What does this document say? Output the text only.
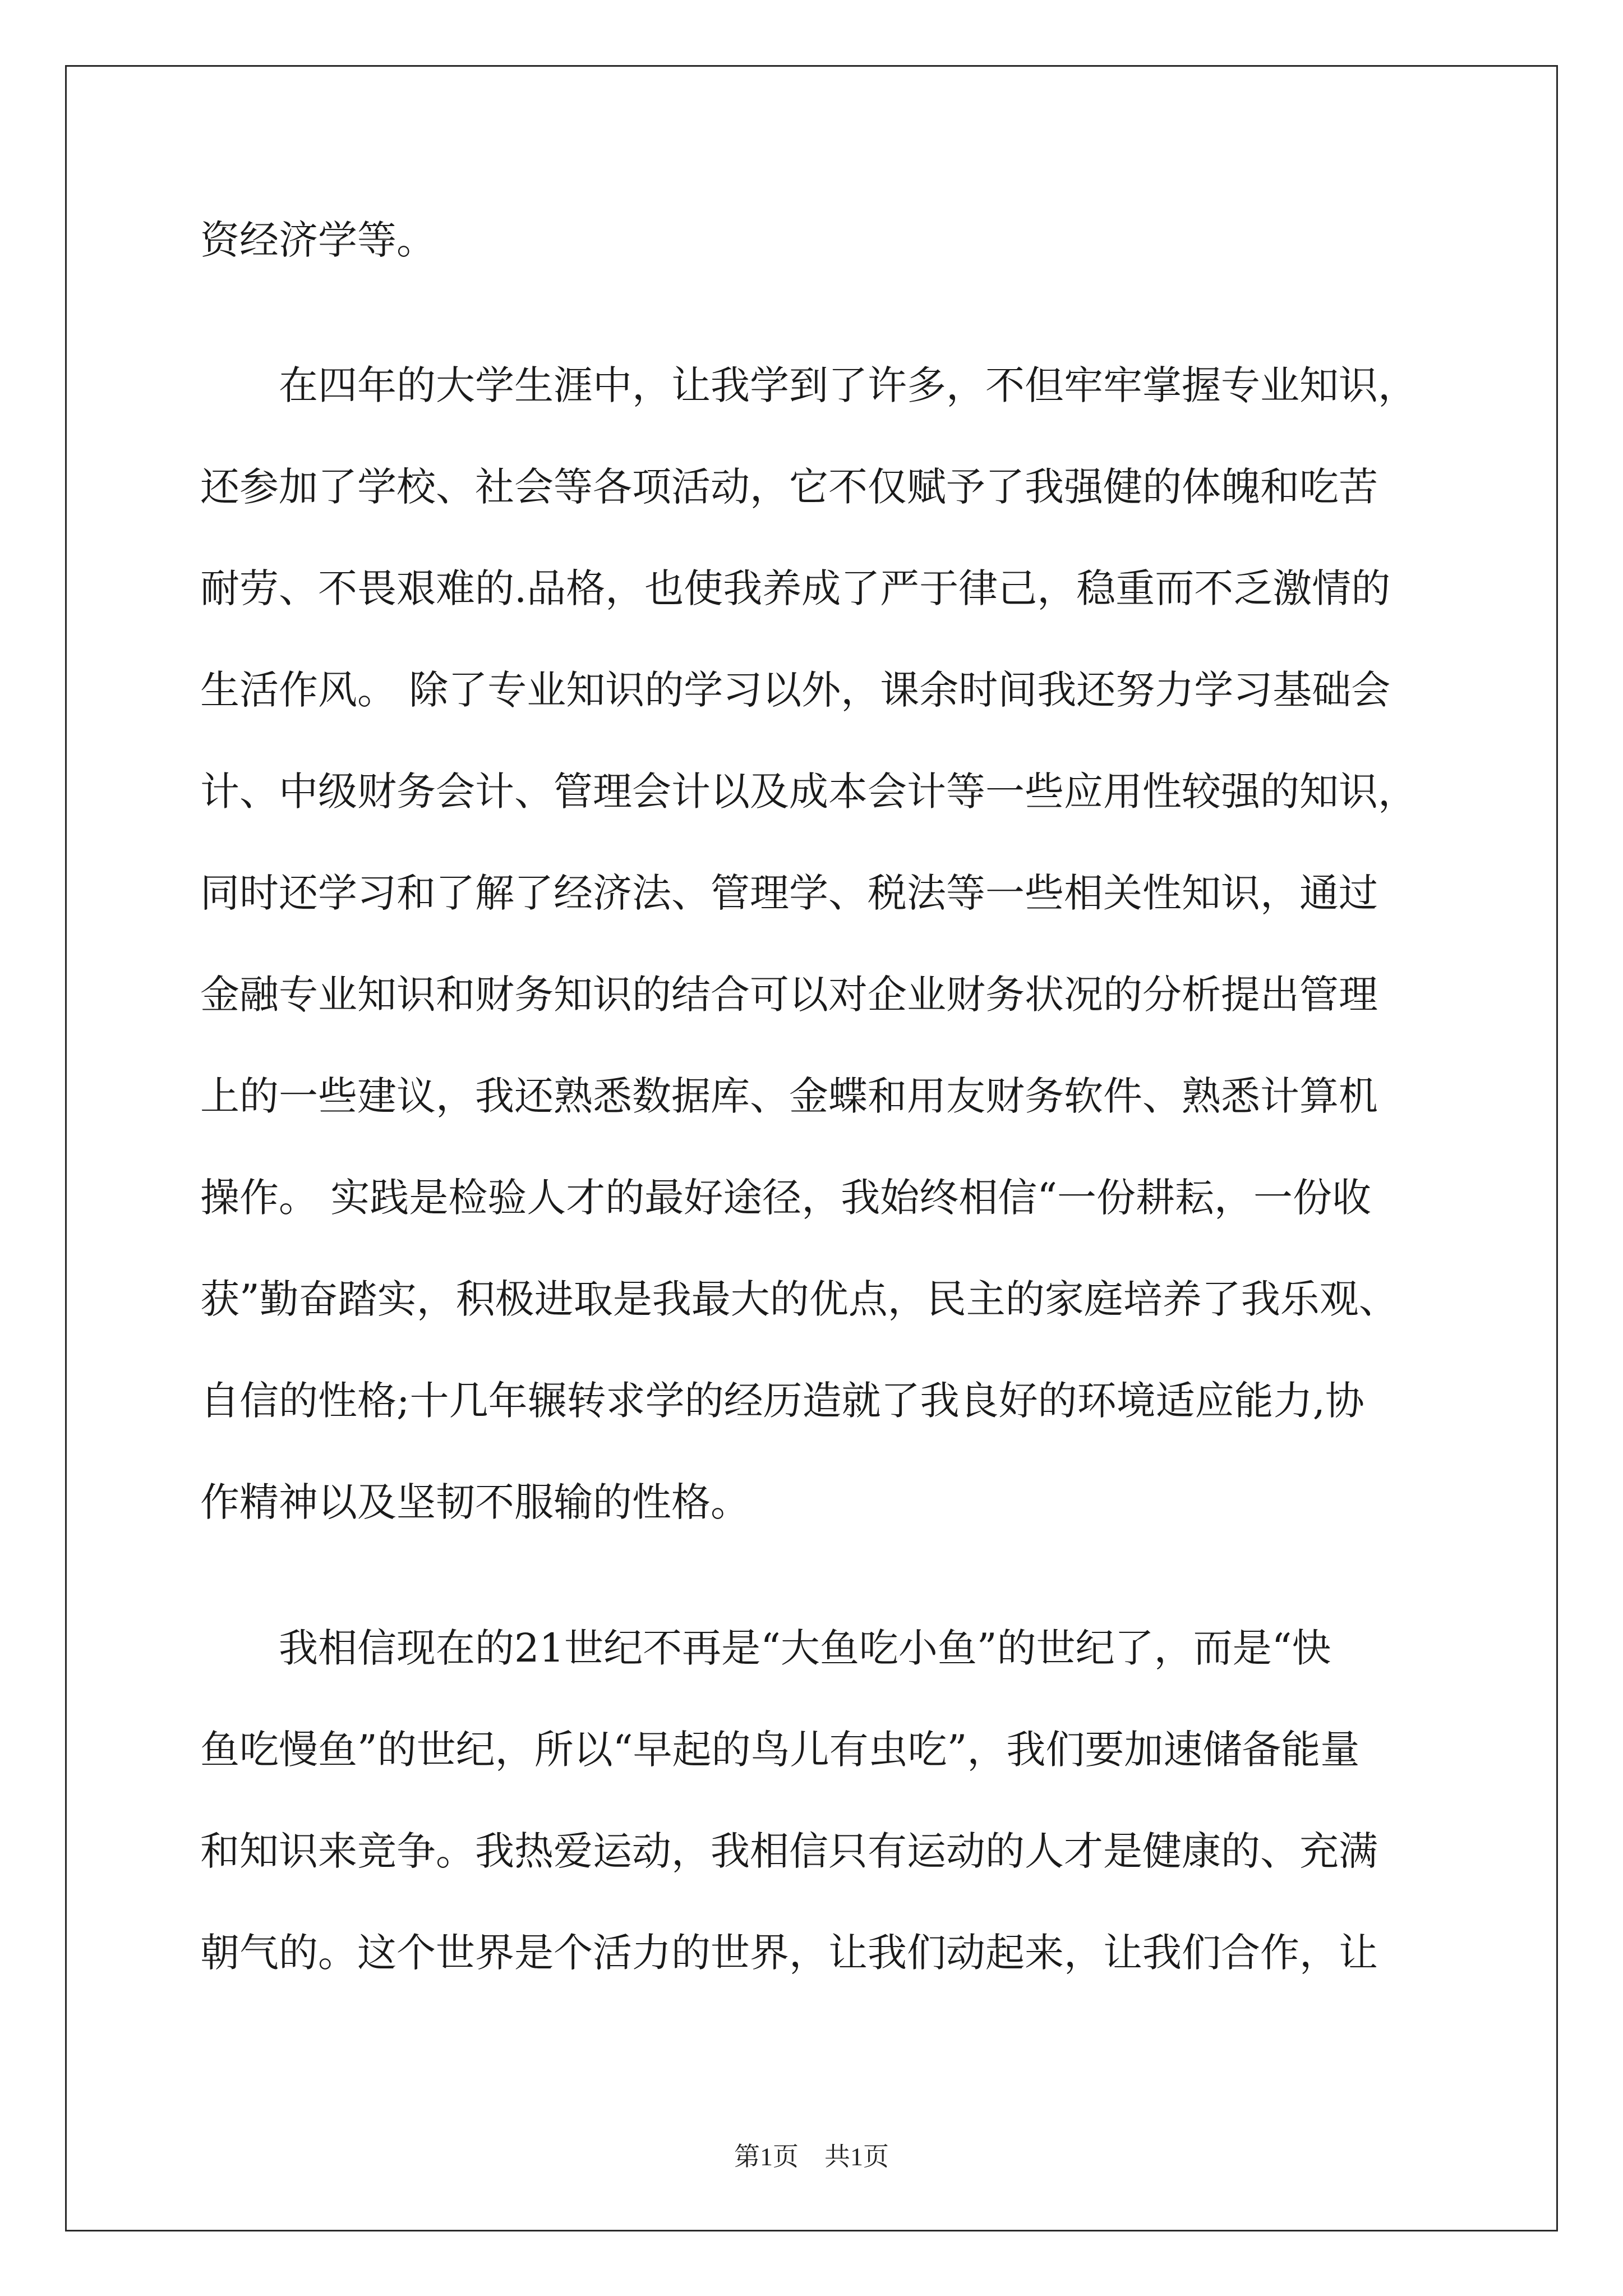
资经济学等。
在四年的大学生涯中，让我学到了许多，不但牢牢掌握专业知识，
还参加了学校、社会等各项活动，它不仅赋予了我强健的体魄和吃苦
耐劳、不畏艰难的.品格，也使我养成了严于律己，稳重而不乏激情的
生活作风。 除了专业知识的学习以外，课余时间我还努力学习基础会
计、中级财务会计、管理会计以及成本会计等一些应用性较强的知识，
同时还学习和了解了经济法、管理学、税法等一些相关性知识，通过
金融专业知识和财务知识的结合可以对企业财务状况的分析提出管理
上的一些建议，我还熟悉数据库、金蝶和用友财务软件、熟悉计算机
操作。 实践是检验人才的最好途径，我始终相信“一份耕耘，一份收
获”勤奋踏实，积极进取是我最大的优点，民主的家庭培养了我乐观、
自信的性格;十几年辗转求学的经历造就了我良好的环境适应能力,协
作精神以及坚韧不服输的性格。
我相信现在的21世纪不再是“大鱼吃小鱼”的世纪了，而是“快
鱼吃慢鱼”的世纪，所以“早起的鸟儿有虫吃”，我们要加速储备能量
和知识来竞争。我热爱运动，我相信只有运动的人才是健康的、充满
朝气的。这个世界是个活力的世界，让我们动起来，让我们合作，让
第1页 共1页
